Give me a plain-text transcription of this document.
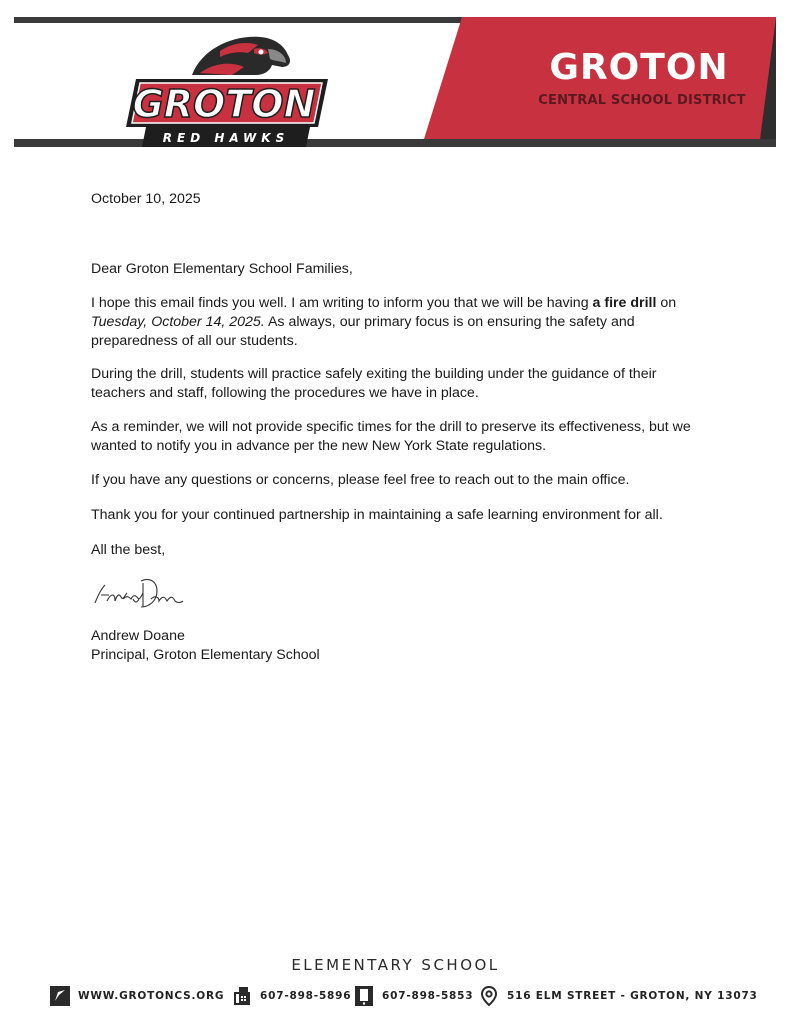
GROTON
CENTRAL SCHOOL DISTRICT
GROTON
RED HAWKS

October 10, 2025

Dear Groton Elementary School Families,

I hope this email finds you well. I am writing to inform you that we will be having a fire drill on Tuesday, October 14, 2025. As always, our primary focus is on ensuring the safety and preparedness of all our students.

During the drill, students will practice safely exiting the building under the guidance of their teachers and staff, following the procedures we have in place.

As a reminder, we will not provide specific times for the drill to preserve its effectiveness, but we wanted to notify you in advance per the new New York State regulations.

If you have any questions or concerns, please feel free to reach out to the main office.

Thank you for your continued partnership in maintaining a safe learning environment for all.

All the best,

Andrew Doane

Principal, Groton Elementary School

ELEMENTARY SCHOOL
WWW.GROTONCS.ORG	607-898-5896	607-898-5853	516 ELM STREET - GROTON, NY 13073
